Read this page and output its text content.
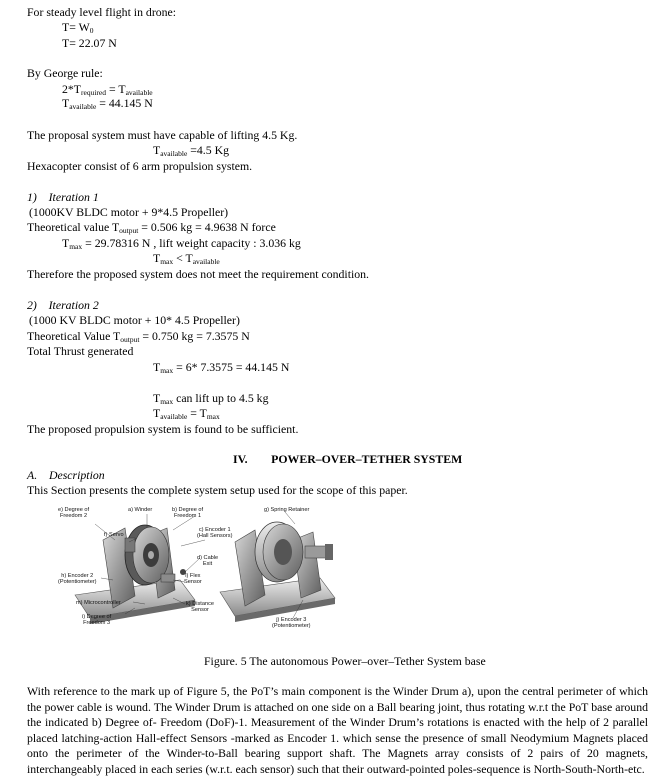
For steady level flight in drone:
$T= W_0$
T= 22.07 N
By George rule:
$2*T_{required} = T_{available}$
$T_{available} = 44.145$ N
The proposal system must have capable of lifting 4.5 Kg.
$T_{available} =4.5$ Kg
Hexacopter consist of 6 arm propulsion system.
1) Iteration 1
(1000KV BLDC motor + 9*4.5 Propeller)
Theoretical value $T_{output} = 0.506$ kg = 4.9638 N force
$T_{max} = 29.78316$ N , lift weight capacity : 3.036 kg
$T_{max} < T_{available}$
Therefore the proposed system does not meet the requirement condition.
2) Iteration 2
(1000 KV BLDC motor + 10* 4.5 Propeller)
Theoretical Value $T_{output} = 0.750$ kg = 7.3575 N
Total Thrust generated
$T_{max} = 6*$ 7.3575 = 44.145 N
$T_{max}$ can lift up to 4.5 kg
$T_{available} = T_{max}$
The proposed propulsion system is found to be sufficient.
IV. POWER–OVER–TETHER SYSTEM
A. Description
This Section presents the complete system setup used for the scope of this paper.
e) Degree of
Freedom 2
a) Winder	b) Degree of
Freedom 1
g) Spring Retainer
f) Servo
c) Encoder 1
(Hall Sensors)
d) Cable
Exit
h) Encoder 2
(Potentiometer)
l) Flex
Sensor
m) Microcontroller	k) Distance
Sensor
i) Degree of
Freedom 3
j) Encoder 3
(Potentiometer)
Figure. 5 The autonomous Power–over–Tether System base

With reference to the mark up of Figure 5, the PoT’s main component is the Winder Drum a), upon the central perimeter of which the power cable is wound. The Winder Drum is attached on one side on a Ball bearing joint, thus rotating w.r.t the PoT base around the indicated b) Degree of- Freedom (DoF)-1. Measurement of the Winder Drum’s rotations is enacted with the help of 2 parallel placed latching-action Hall-effect Sensors -marked as Encoder 1. which sense the presence of small Neodymium Magnets placed onto the perimeter of the Winder-to-Ball bearing support shaft. The Magnets array consists of 2 pairs of 20 magnets, interchangeably placed in each series (w.r.t. each sensor) such that their outward-pointed poles-sequence is North-South-North-etc.
